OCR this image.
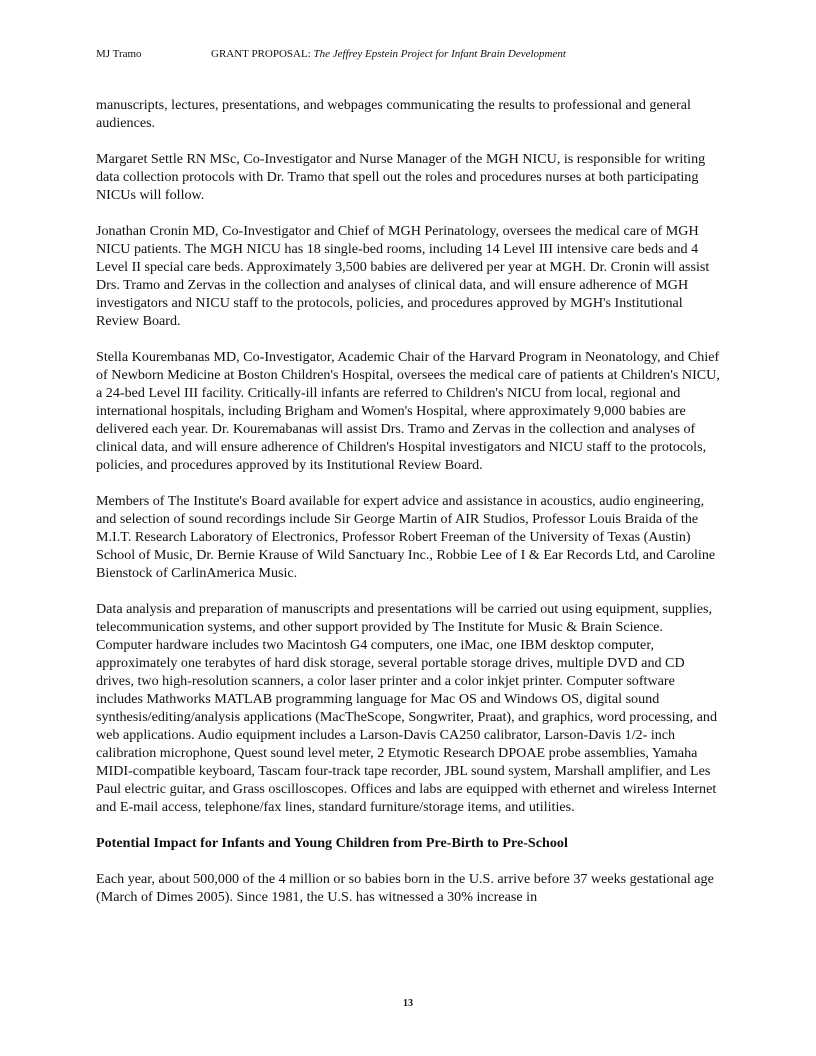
MJ Tramo	GRANT PROPOSAL: The Jeffrey Epstein Project for Infant Brain Development

manuscripts, lectures, presentations, and webpages communicating the results to professional and general audiences.

Margaret Settle RN MSc, Co-Investigator and Nurse Manager of the MGH NICU, is responsible for writing data collection protocols with Dr. Tramo that spell out the roles and procedures nurses at both participating NICUs will follow.

Jonathan Cronin MD, Co-Investigator and Chief of MGH Perinatology, oversees the medical care of MGH NICU patients. The MGH NICU has 18 single-bed rooms, including 14 Level III intensive care beds and 4 Level II special care beds. Approximately 3,500 babies are delivered per year at MGH. Dr. Cronin will assist Drs. Tramo and Zervas in the collection and analyses of clinical data, and will ensure adherence of MGH investigators and NICU staff to the protocols, policies, and procedures approved by MGH's Institutional Review Board.

Stella Kourembanas MD, Co-Investigator, Academic Chair of the Harvard Program in Neonatology, and Chief of Newborn Medicine at Boston Children's Hospital, oversees the medical care of patients at Children's NICU, a 24-bed Level III facility. Critically-ill infants are referred to Children's NICU from local, regional and international hospitals, including Brigham and Women's Hospital, where approximately 9,000 babies are delivered each year. Dr. Kouremabanas will assist Drs. Tramo and Zervas in the collection and analyses of clinical data, and will ensure adherence of Children's Hospital investigators and NICU staff to the protocols, policies, and procedures approved by its Institutional Review Board.

Members of The Institute's Board available for expert advice and assistance in acoustics, audio engineering, and selection of sound recordings include Sir George Martin of AIR Studios, Professor Louis Braida of the M.I.T. Research Laboratory of Electronics, Professor Robert Freeman of the University of Texas (Austin) School of Music, Dr. Bernie Krause of Wild Sanctuary Inc., Robbie Lee of I & Ear Records Ltd, and Caroline Bienstock of CarlinAmerica Music.

Data analysis and preparation of manuscripts and presentations will be carried out using equipment, supplies, telecommunication systems, and other support provided by The Institute for Music & Brain Science. Computer hardware includes two Macintosh G4 computers, one iMac, one IBM desktop computer, approximately one terabytes of hard disk storage, several portable storage drives, multiple DVD and CD drives, two high-resolution scanners, a color laser printer and a color inkjet printer. Computer software includes Mathworks MATLAB programming language for Mac OS and Windows OS, digital sound synthesis/editing/analysis applications (MacTheScope, Songwriter, Praat), and graphics, word processing, and web applications. Audio equipment includes a Larson-Davis CA250 calibrator, Larson-Davis 1/2- inch calibration microphone, Quest sound level meter, 2 Etymotic Research DPOAE probe assemblies, Yamaha MIDI-compatible keyboard, Tascam four-track tape recorder, JBL sound system, Marshall amplifier, and Les Paul electric guitar, and Grass oscilloscopes. Offices and labs are equipped with ethernet and wireless Internet and E-mail access, telephone/fax lines, standard furniture/storage items, and utilities.

Potential Impact for Infants and Young Children from Pre-Birth to Pre-School

Each year, about 500,000 of the 4 million or so babies born in the U.S. arrive before 37 weeks gestational age (March of Dimes 2005). Since 1981, the U.S. has witnessed a 30% increase in

13
